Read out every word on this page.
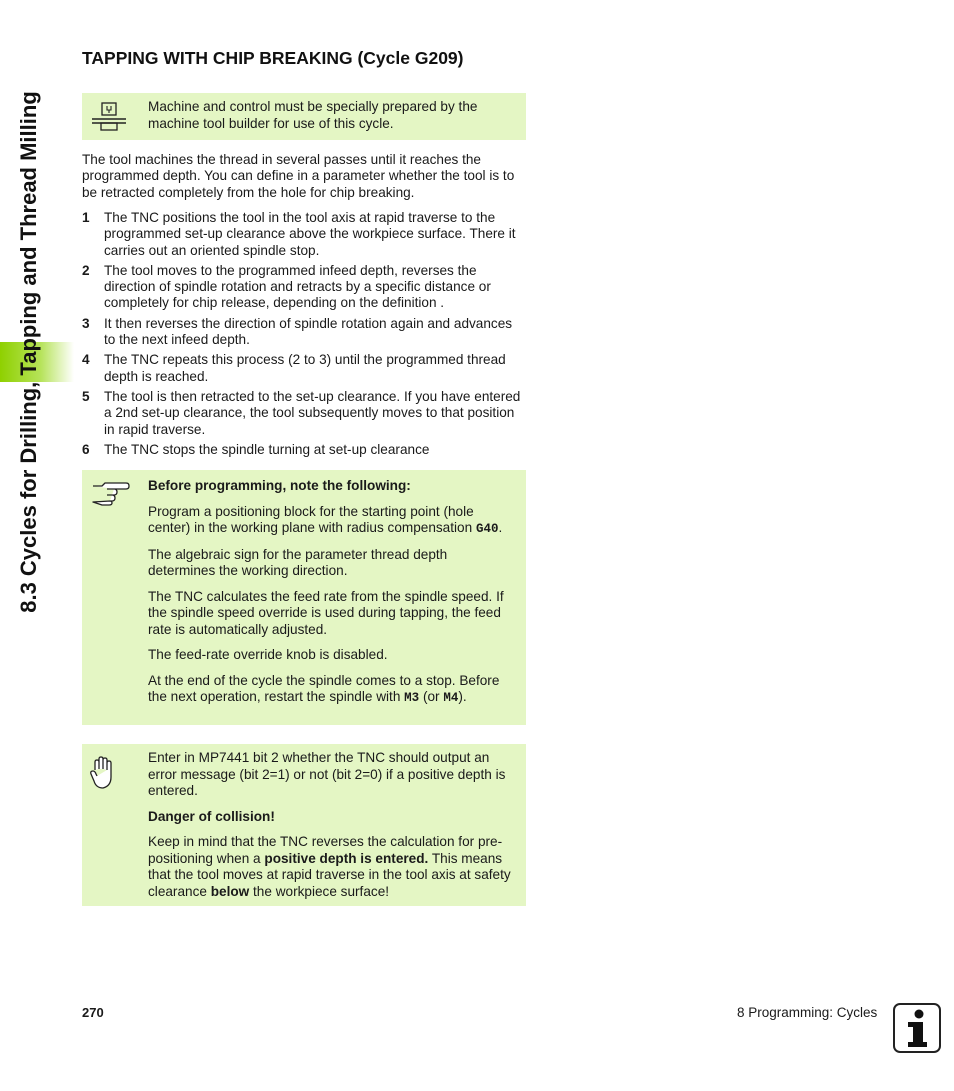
8.3 Cycles for Drilling, Tapping and Thread Milling
TAPPING WITH CHIP BREAKING (Cycle G209)
Machine and control must be specially prepared by the machine tool builder for use of this cycle.

The tool machines the thread in several passes until it reaches the programmed depth. You can define in a parameter whether the tool is to be retracted completely from the hole for chip breaking.

1 The TNC positions the tool in the tool axis at rapid traverse to the programmed set-up clearance above the workpiece surface. There it carries out an oriented spindle stop.
2 The tool moves to the programmed infeed depth, reverses the direction of spindle rotation and retracts by a specific distance or completely for chip release, depending on the definition .
3 It then reverses the direction of spindle rotation again and advances to the next infeed depth.
4 The TNC repeats this process (2 to 3) until the programmed thread depth is reached.
5 The tool is then retracted to the set-up clearance. If you have entered a 2nd set-up clearance, the tool subsequently moves to that position in rapid traverse.
6 The TNC stops the spindle turning at set-up clearance

Before programming, note the following:

Program a positioning block for the starting point (hole center) in the working plane with radius compensation G40.

The algebraic sign for the parameter thread depth determines the working direction.

The TNC calculates the feed rate from the spindle speed. If the spindle speed override is used during tapping, the feed rate is automatically adjusted.

The feed-rate override knob is disabled.

At the end of the cycle the spindle comes to a stop. Before the next operation, restart the spindle with M3 (or M4).

Enter in MP7441 bit 2 whether the TNC should output an error message (bit 2=1) or not (bit 2=0) if a positive depth is entered.

Danger of collision!

Keep in mind that the TNC reverses the calculation for pre-positioning when a positive depth is entered. This means that the tool moves at rapid traverse in the tool axis at safety clearance below the workpiece surface!

270	8 Programming: Cycles
